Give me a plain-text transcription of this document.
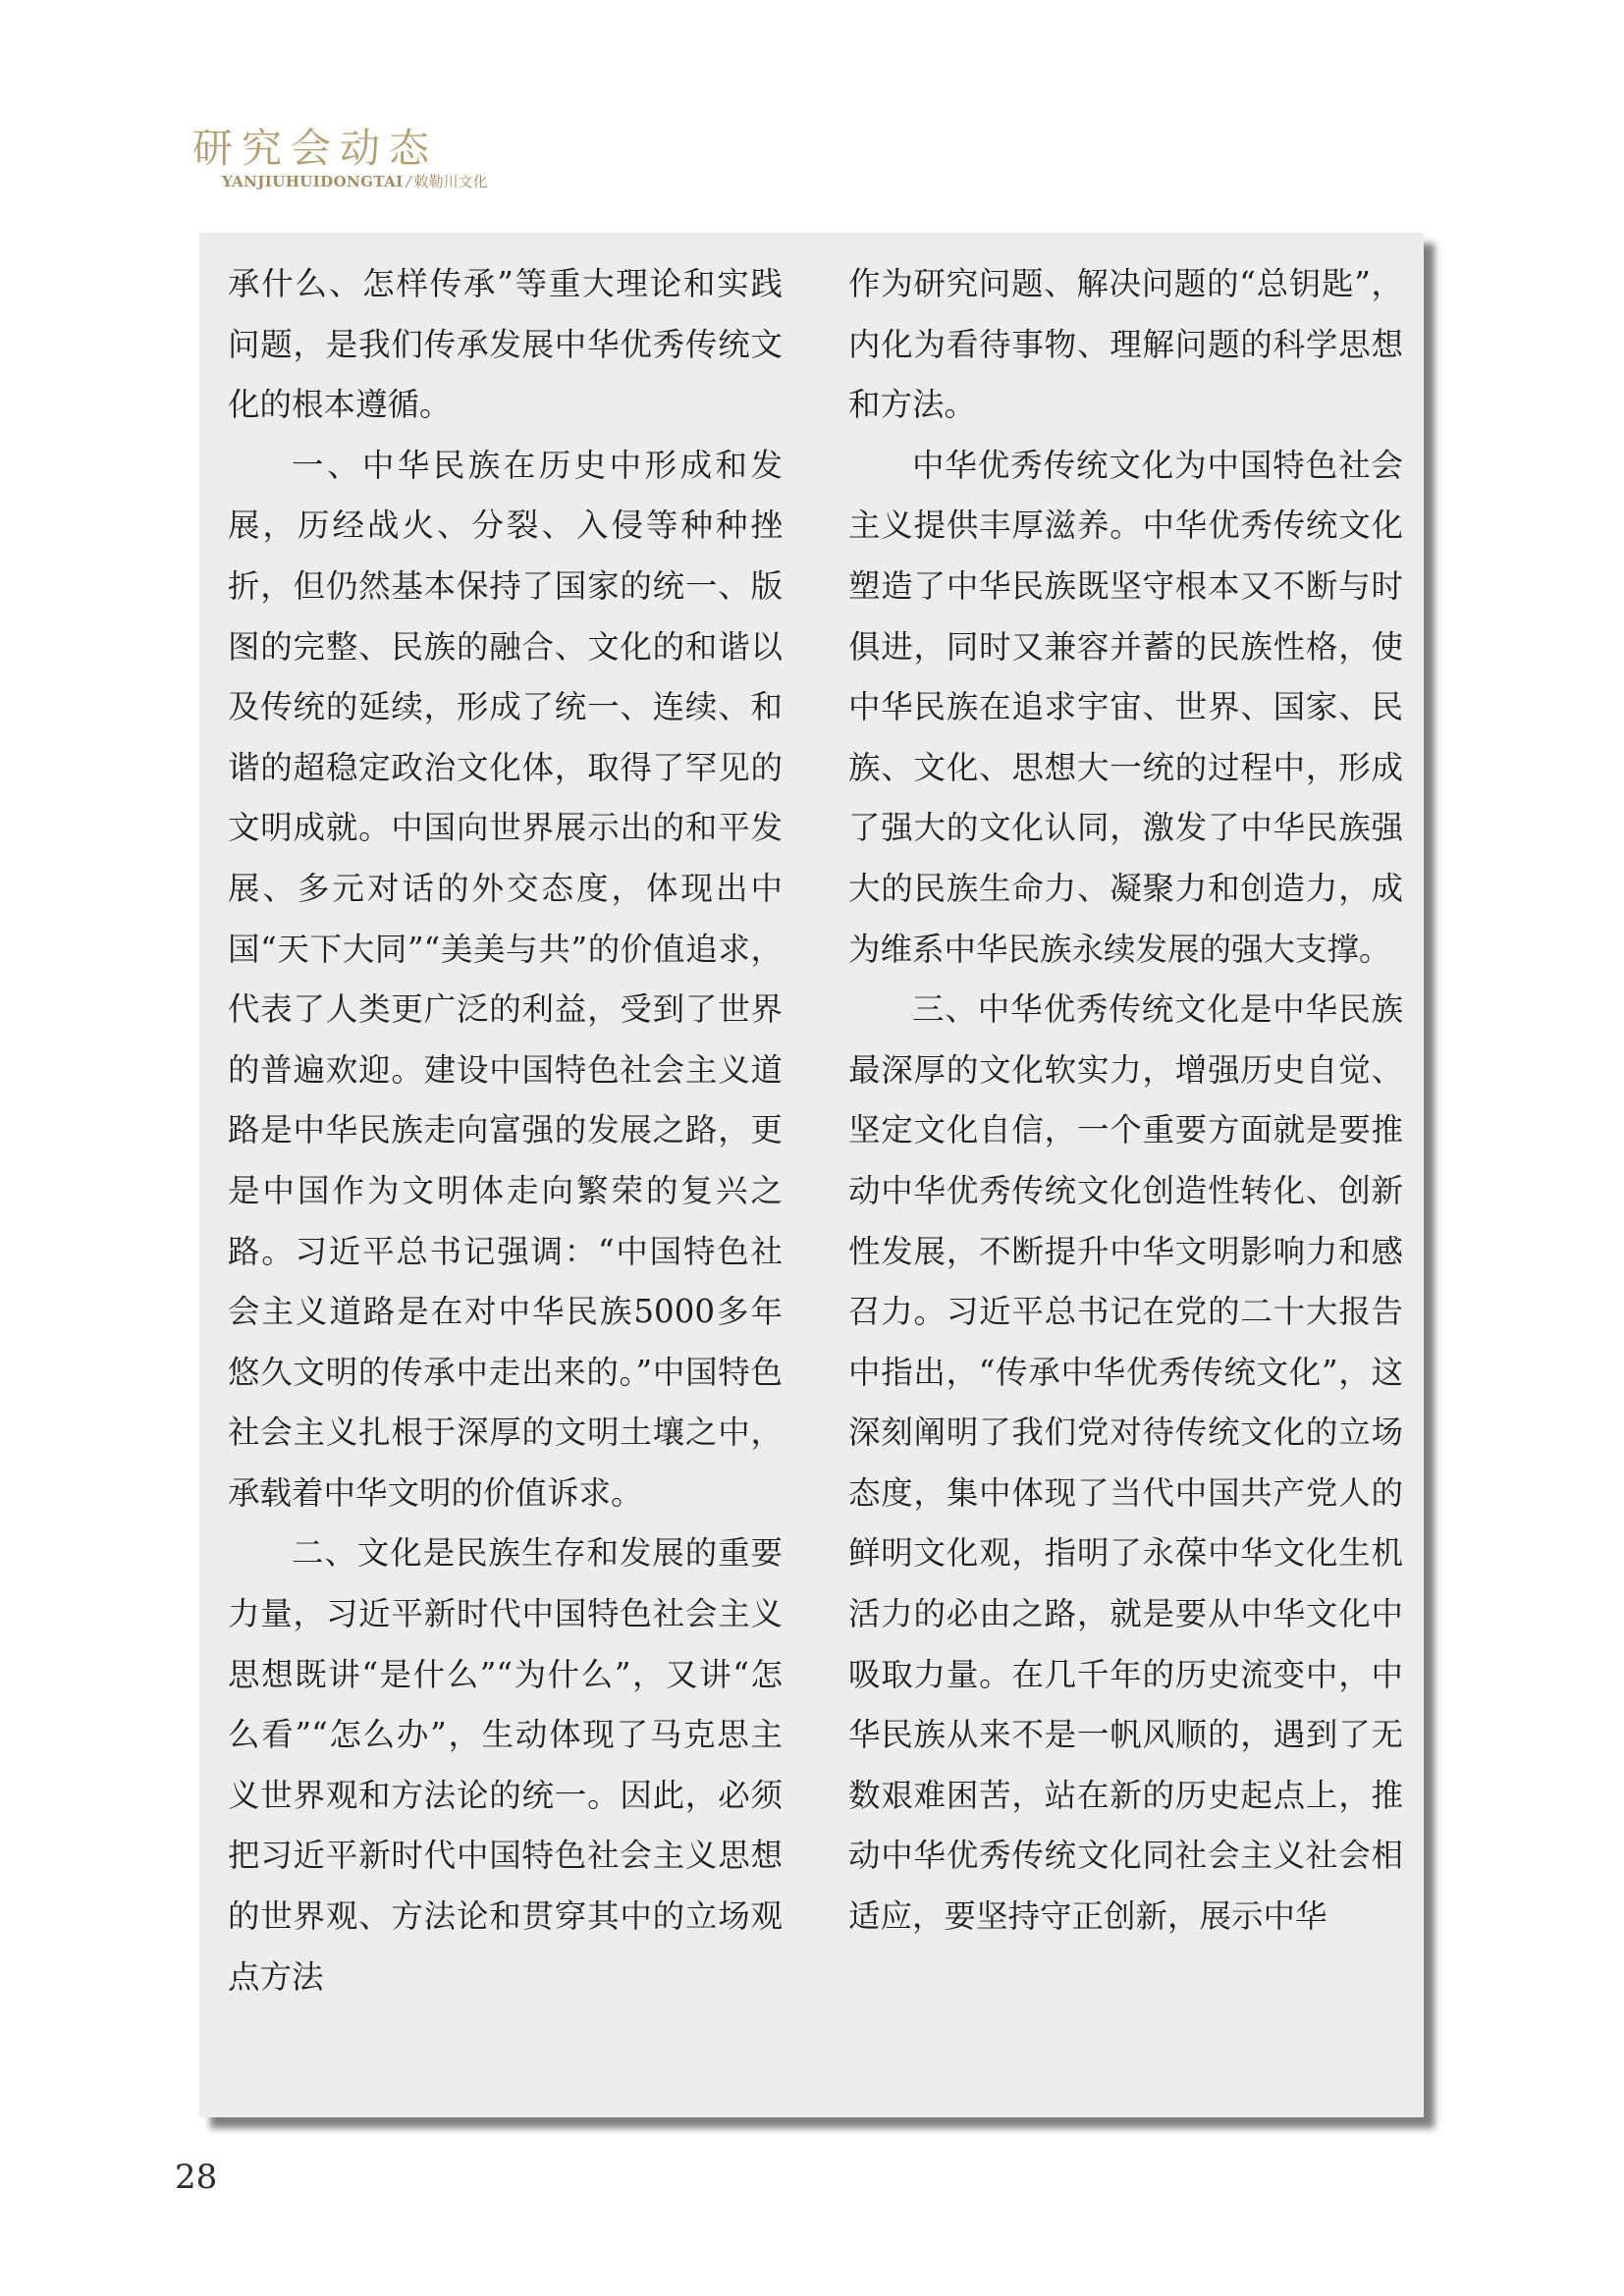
研究会动态
YANJIUHUIDONGTAI / 敕勒川文化

承什么、怎样传承”等重大理论和实践问题，是我们传承发展中华优秀传统文化的根本遵循。

一、中华民族在历史中形成和发展，历经战火、分裂、入侵等种种挫折，但仍然基本保持了国家的统一、版图的完整、民族的融合、文化的和谐以及传统的延续，形成了统一、连续、和谐的超稳定政治文化体，取得了罕见的文明成就。中国向世界展示出的和平发展、多元对话的外交态度，体现出中国“天下大同”“美美与共”的价值追求，代表了人类更广泛的利益，受到了世界的普遍欢迎。建设中国特色社会主义道路是中华民族走向富强的发展之路，更是中国作为文明体走向繁荣的复兴之路。习近平总书记强调：“中国特色社会主义道路是在对中华民族5000多年悠久文明的传承中走出来的。”中国特色社会主义扎根于深厚的文明土壤之中，承载着中华文明的价值诉求。

二、文化是民族生存和发展的重要力量，习近平新时代中国特色社会主义思想既讲“是什么”“为什么”，又讲“怎么看”“怎么办”，生动体现了马克思主义世界观和方法论的统一。因此，必须把习近平新时代中国特色社会主义思想的世界观、方法论和贯穿其中的立场观点方法

作为研究问题、解决问题的“总钥匙”，内化为看待事物、理解问题的科学思想和方法。

中华优秀传统文化为中国特色社会主义提供丰厚滋养。中华优秀传统文化塑造了中华民族既坚守根本又不断与时俱进，同时又兼容并蓄的民族性格，使中华民族在追求宇宙、世界、国家、民族、文化、思想大一统的过程中，形成了强大的文化认同，激发了中华民族强大的民族生命力、凝聚力和创造力，成为维系中华民族永续发展的强大支撑。

三、中华优秀传统文化是中华民族最深厚的文化软实力，增强历史自觉、坚定文化自信，一个重要方面就是要推动中华优秀传统文化创造性转化、创新性发展，不断提升中华文明影响力和感召力。习近平总书记在党的二十大报告中指出，“传承中华优秀传统文化”，这深刻阐明了我们党对待传统文化的立场态度，集中体现了当代中国共产党人的鲜明文化观，指明了永葆中华文化生机活力的必由之路，就是要从中华文化中吸取力量。在几千年的历史流变中，中华民族从来不是一帆风顺的，遇到了无数艰难困苦，站在新的历史起点上，推动中华优秀传统文化同社会主义社会相适应，要坚持守正创新，展示中华

28
